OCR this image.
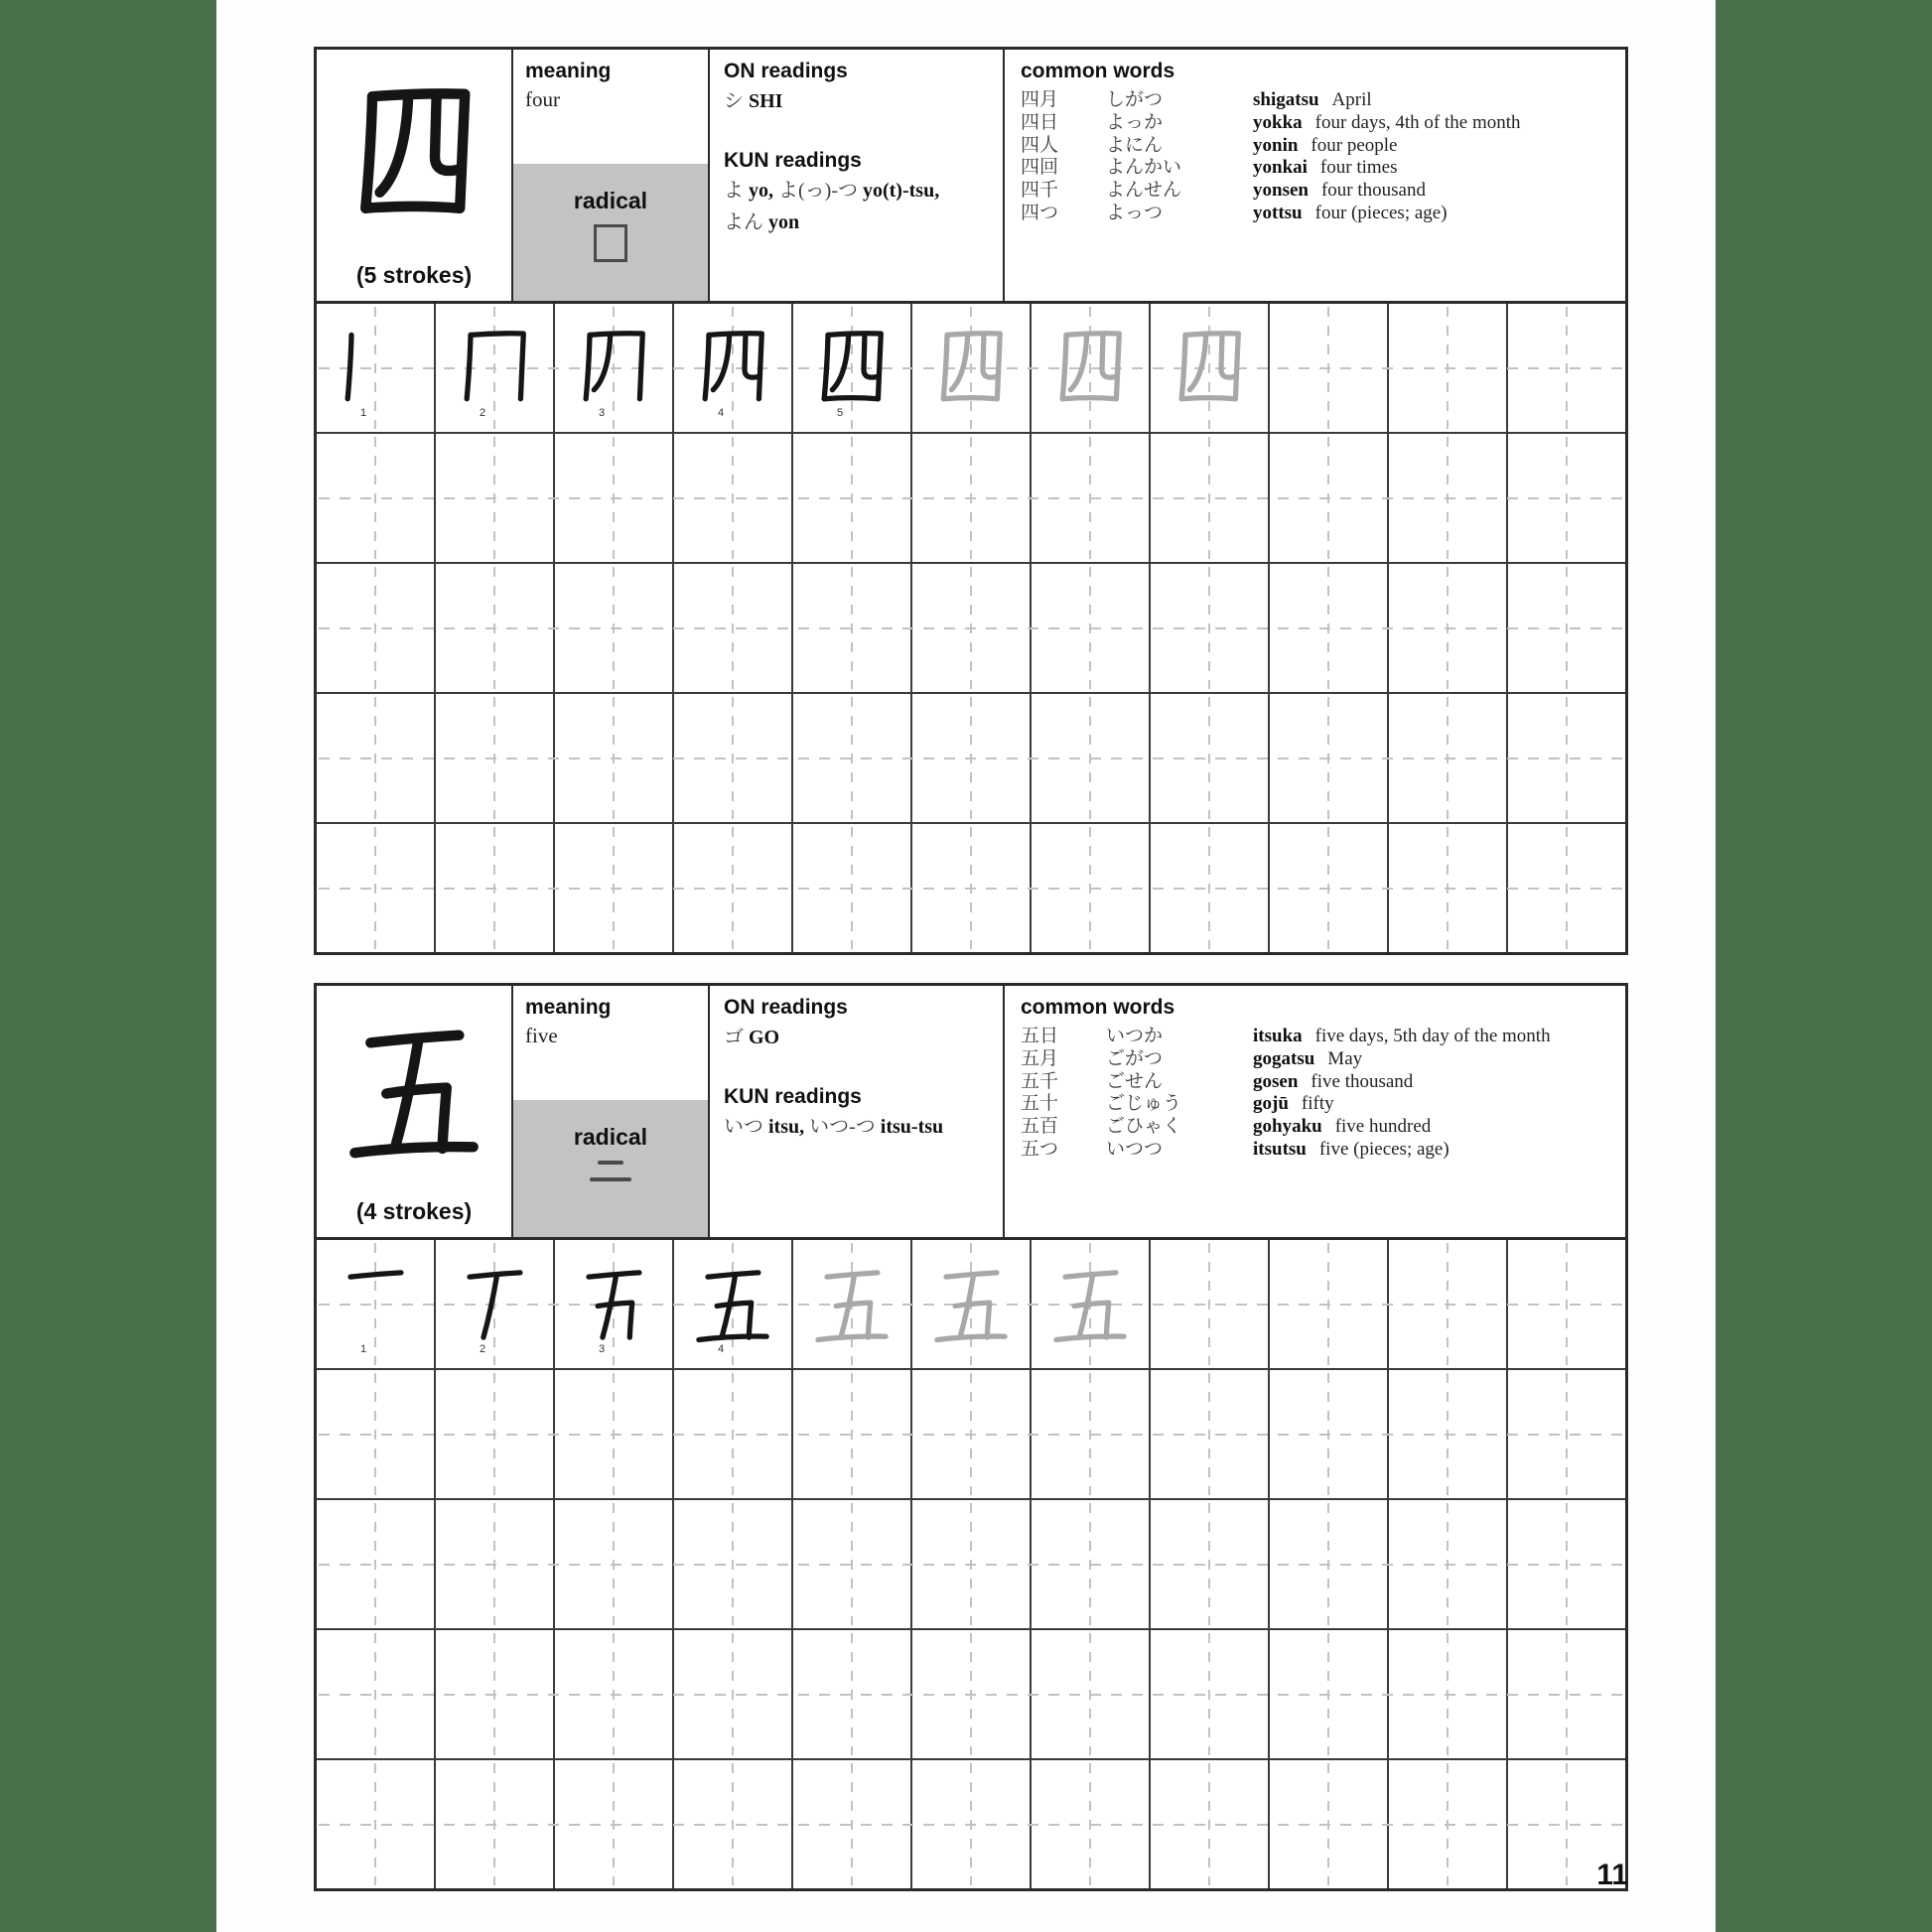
(5 strokes)
meaning
four
radical
ON readings
シ SHI
KUN readings
よ yo, よ(っ)-つ yo(t)-tsu,
よん yon
common words
四月	しがつ	shigatsu April
四日	よっか	yokka four days, 4th of the month
四人	よにん	yonin four people
四回	よんかい	yonkai four times
四千	よんせん	yonsen four thousand
四つ	よっつ	yottsu four (pieces; age)
1	2	3	4	5
(4 strokes)
meaning
five
radical
ON readings
ゴ GO
KUN readings
いつ itsu, いつ-つ itsu-tsu
common words
五日	いつか	itsuka five days, 5th day of the month
五月	ごがつ	gogatsu May
五千	ごせん	gosen five thousand
五十	ごじゅう	gojū fifty
五百	ごひゃく	gohyaku five hundred
五つ	いつつ	itsutsu five (pieces; age)
1	2	3	4
11
